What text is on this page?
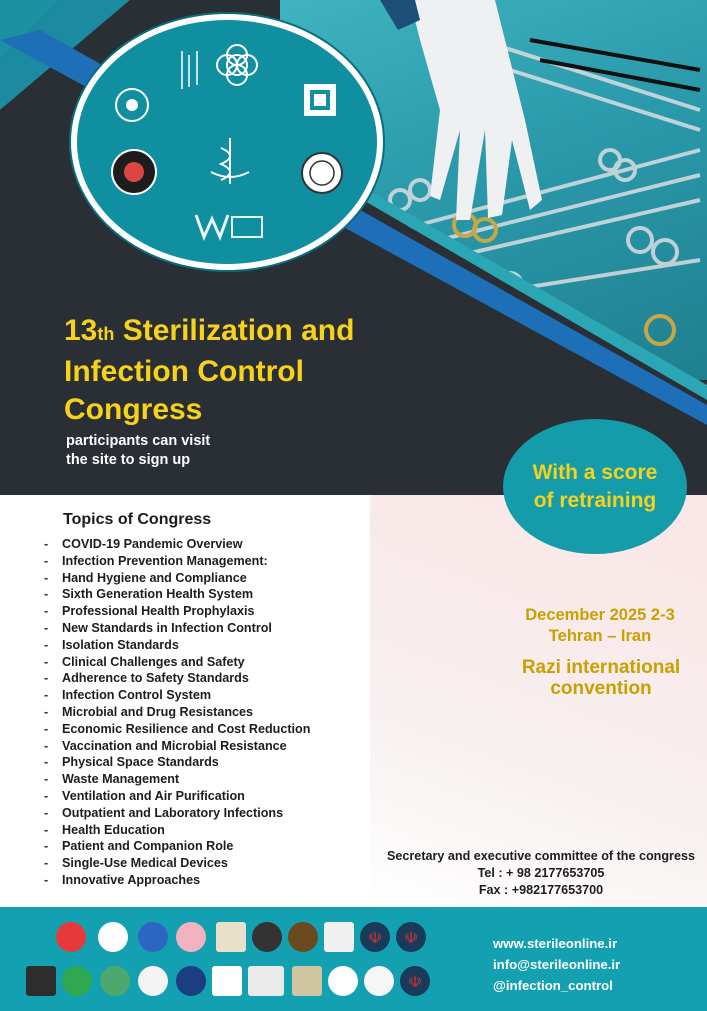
13th Sterilization and
Infection Control
Congress
participants can visit
the site to sign up
With a score of retraining
Topics of Congress
- COVID-19 Pandemic Overview
- Infection Prevention Management:
- Hand Hygiene and Compliance
- Sixth Generation Health System
- Professional Health Prophylaxis
- New Standards in Infection Control
- Isolation Standards
- Clinical Challenges and Safety
- Adherence to Safety Standards
- Infection Control System
- Microbial and Drug Resistances
- Economic Resilience and Cost Reduction
- Vaccination and Microbial Resistance
- Physical Space Standards
- Waste Management
- Ventilation and Air Purification
- Outpatient and Laboratory Infections
- Health Education
- Patient and Companion Role
- Single-Use Medical Devices
- Innovative Approaches
December 2025 2-3
Tehran – Iran
Razi international
convention
Secretary and executive committee of the congress
Tel : + 98 2177653705
Fax : +982177653700
☫ ☫
☫
www.sterileonline.ir
info@sterileonline.ir
@infection_control
